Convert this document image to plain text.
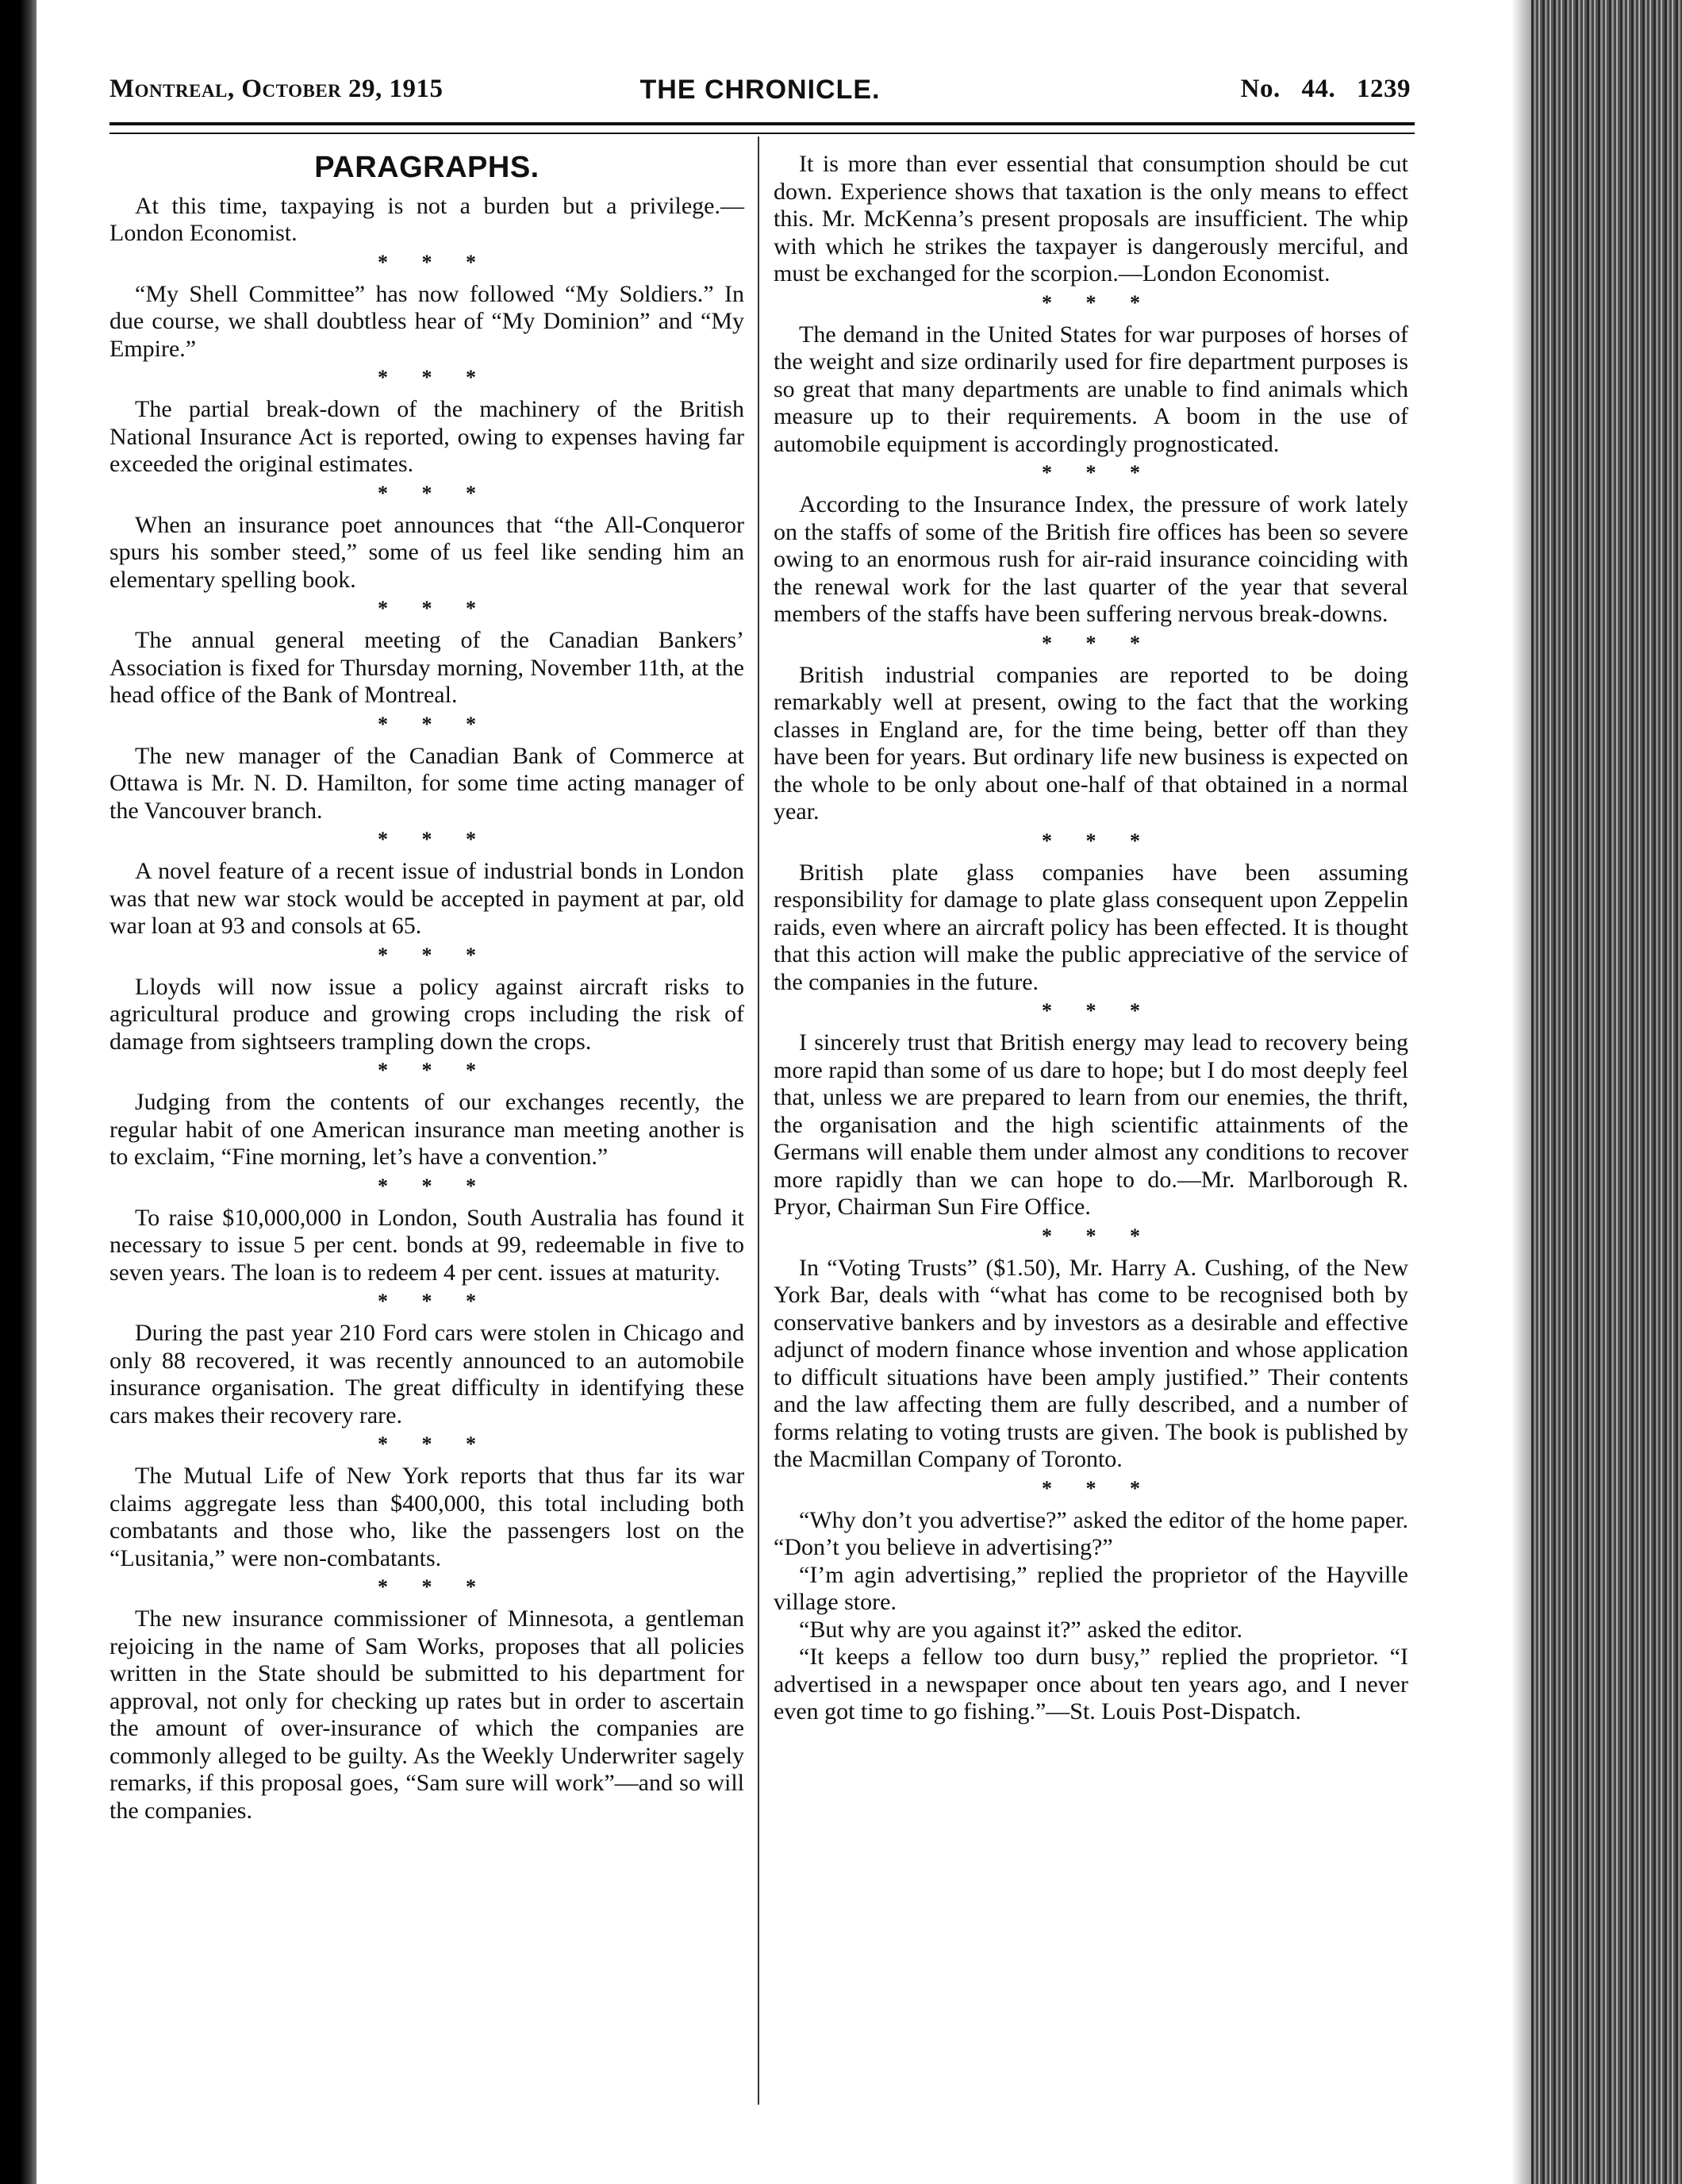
Montreal, October 29, 1915	THE CHRONICLE.	No. 44. 1239
PARAGRAPHS.

At this time, taxpaying is not a burden but a privilege.—London Economist.

* * *

“My Shell Committee” has now followed “My Soldiers.” In due course, we shall doubtless hear of “My Dominion” and “My Empire.”

* * *

The partial break-down of the machinery of the British National Insurance Act is reported, owing to expenses having far exceeded the original estimates.

* * *

When an insurance poet announces that “the All-Conqueror spurs his somber steed,” some of us feel like sending him an elementary spelling book.

* * *

The annual general meeting of the Canadian Bankers’ Association is fixed for Thursday morning, November 11th, at the head office of the Bank of Montreal.

* * *

The new manager of the Canadian Bank of Commerce at Ottawa is Mr. N. D. Hamilton, for some time acting manager of the Vancouver branch.

* * *

A novel feature of a recent issue of industrial bonds in London was that new war stock would be accepted in payment at par, old war loan at 93 and consols at 65.

* * *

Lloyds will now issue a policy against aircraft risks to agricultural produce and growing crops including the risk of damage from sightseers trampling down the crops.

* * *

Judging from the contents of our exchanges recently, the regular habit of one American insurance man meeting another is to exclaim, “Fine morning, let’s have a convention.”

* * *

To raise $10,000,000 in London, South Australia has found it necessary to issue 5 per cent. bonds at 99, redeemable in five to seven years. The loan is to redeem 4 per cent. issues at maturity.

* * *

During the past year 210 Ford cars were stolen in Chicago and only 88 recovered, it was recently announced to an automobile insurance organisation. The great difficulty in identifying these cars makes their recovery rare.

* * *

The Mutual Life of New York reports that thus far its war claims aggregate less than $400,000, this total including both combatants and those who, like the passengers lost on the “Lusitania,” were non-combatants.

* * *

The new insurance commissioner of Minnesota, a gentleman rejoicing in the name of Sam Works, proposes that all policies written in the State should be submitted to his department for approval, not only for checking up rates but in order to ascertain the amount of over-insurance of which the companies are commonly alleged to be guilty. As the Weekly Underwriter sagely remarks, if this proposal goes, “Sam sure will work”—and so will the companies.

It is more than ever essential that consumption should be cut down. Experience shows that taxation is the only means to effect this. Mr. McKenna’s present proposals are insufficient. The whip with which he strikes the taxpayer is dangerously merciful, and must be exchanged for the scorpion.—London Economist.

* * *

The demand in the United States for war purposes of horses of the weight and size ordinarily used for fire department purposes is so great that many departments are unable to find animals which measure up to their requirements. A boom in the use of automobile equipment is accordingly prognosticated.

* * *

According to the Insurance Index, the pressure of work lately on the staffs of some of the British fire offices has been so severe owing to an enormous rush for air-raid insurance coinciding with the renewal work for the last quarter of the year that several members of the staffs have been suffering nervous break-downs.

* * *

British industrial companies are reported to be doing remarkably well at present, owing to the fact that the working classes in England are, for the time being, better off than they have been for years. But ordinary life new business is expected on the whole to be only about one-half of that obtained in a normal year.

* * *

British plate glass companies have been assuming responsibility for damage to plate glass consequent upon Zeppelin raids, even where an aircraft policy has been effected. It is thought that this action will make the public appreciative of the service of the companies in the future.

* * *

I sincerely trust that British energy may lead to recovery being more rapid than some of us dare to hope; but I do most deeply feel that, unless we are prepared to learn from our enemies, the thrift, the organisation and the high scientific attainments of the Germans will enable them under almost any conditions to recover more rapidly than we can hope to do.—Mr. Marlborough R. Pryor, Chairman Sun Fire Office.

* * *

In “Voting Trusts” ($1.50), Mr. Harry A. Cushing, of the New York Bar, deals with “what has come to be recognised both by conservative bankers and by investors as a desirable and effective adjunct of modern finance whose invention and whose application to difficult situations have been amply justified.” Their contents and the law affecting them are fully described, and a number of forms relating to voting trusts are given. The book is published by the Macmillan Company of Toronto.

* * *

“Why don’t you advertise?” asked the editor of the home paper. “Don’t you believe in advertising?”

“I’m agin advertising,” replied the proprietor of the Hayville village store.

“But why are you against it?” asked the editor.

“It keeps a fellow too durn busy,” replied the proprietor. “I advertised in a newspaper once about ten years ago, and I never even got time to go fishing.”—St. Louis Post-Dispatch.
